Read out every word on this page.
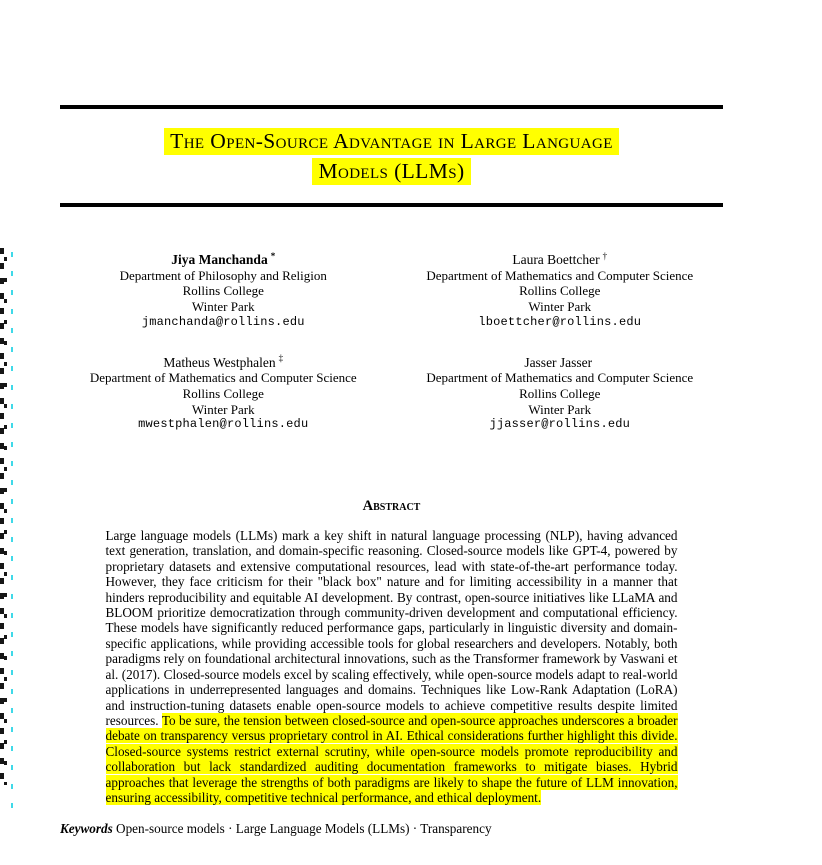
The Open-Source Advantage in Large Language
Models (LLMs)
Jiya Manchanda *
Department of Philosophy and Religion
Rollins College
Winter Park
jmanchanda@rollins.edu
Laura Boettcher †
Department of Mathematics and Computer Science
Rollins College
Winter Park
lboettcher@rollins.edu
Matheus Westphalen ‡
Department of Mathematics and Computer Science
Rollins College
Winter Park
mwestphalen@rollins.edu
Jasser Jasser
Department of Mathematics and Computer Science
Rollins College
Winter Park
jjasser@rollins.edu
Abstract

Large language models (LLMs) mark a key shift in natural language processing (NLP), having advanced text generation, translation, and domain-specific reasoning. Closed-source models like GPT-4, powered by proprietary datasets and extensive computational resources, lead with state-of-the-art performance today. However, they face criticism for their "black box" nature and for limiting accessibility in a manner that hinders reproducibility and equitable AI development. By contrast, open-source initiatives like LLaMA and BLOOM prioritize democratization through community-driven development and computational efficiency. These models have significantly reduced performance gaps, particularly in linguistic diversity and domain-specific applications, while providing accessible tools for global researchers and developers. Notably, both paradigms rely on foundational architectural innovations, such as the Transformer framework by Vaswani et al. (2017). Closed-source models excel by scaling effectively, while open-source models adapt to real-world applications in underrepresented languages and domains. Techniques like Low-Rank Adaptation (LoRA) and instruction-tuning datasets enable open-source models to achieve competitive results despite limited resources. To be sure, the tension between closed-source and open-source approaches underscores a broader debate on transparency versus proprietary control in AI. Ethical considerations further highlight this divide. Closed-source systems restrict external scrutiny, while open-source models promote reproducibility and collaboration but lack standardized auditing documentation frameworks to mitigate biases. Hybrid approaches that leverage the strengths of both paradigms are likely to shape the future of LLM innovation, ensuring accessibility, competitive technical performance, and ethical deployment.

Keywords Open-source models · Large Language Models (LLMs) · Transparency
